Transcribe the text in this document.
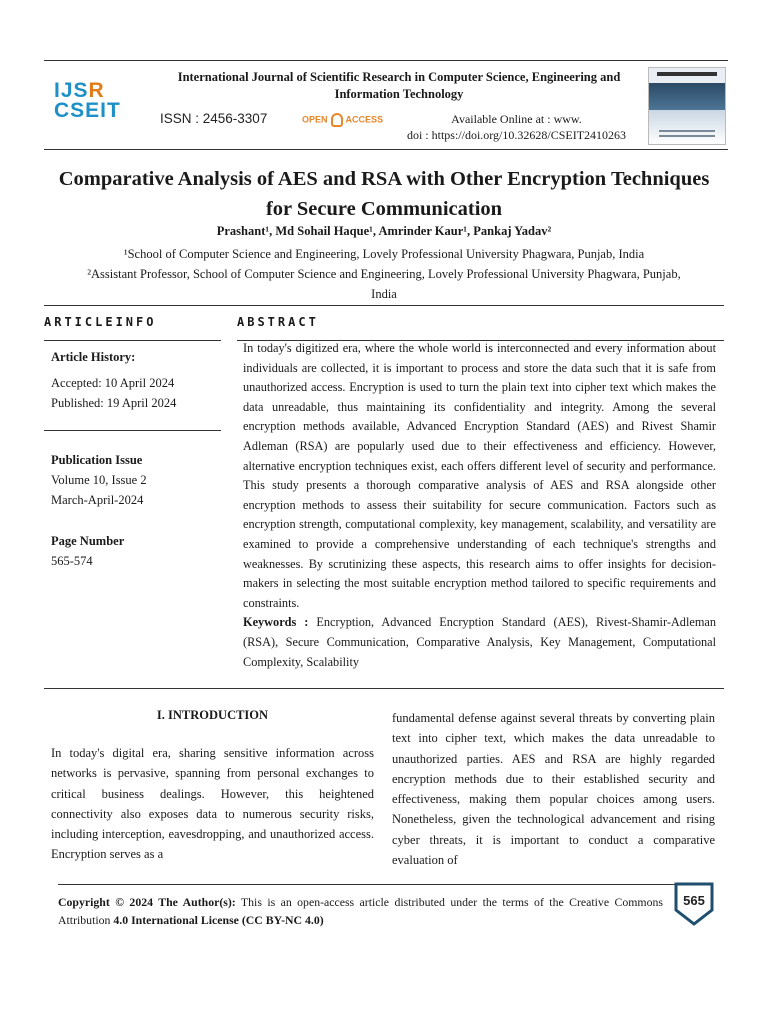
IJSR
CSEIT
International Journal of Scientific Research in Computer Science, Engineering and Information Technology
ISSN : 2456-3307	OPEN ACCESS	Available Online at : www.
doi : https://doi.org/10.32628/CSEIT2410263
Comparative Analysis of AES and RSA with Other Encryption Techniques for Secure Communication
Prashant¹, Md Sohail Haque¹, Amrinder Kaur¹, Pankaj Yadav²
¹School of Computer Science and Engineering, Lovely Professional University Phagwara, Punjab, India
²Assistant Professor, School of Computer Science and Engineering, Lovely Professional University Phagwara, Punjab,
India
ARTICLEINFO	ABSTRACT
Article History:
Accepted: 10 April 2024
Published: 19 April 2024
Publication Issue
Volume 10, Issue 2
March-April-2024
Page Number
565-574

In today's digitized era, where the whole world is interconnected and every information about individuals are collected, it is important to process and store the data such that it is safe from unauthorized access. Encryption is used to turn the plain text into cipher text which makes the data unreadable, thus maintaining its confidentiality and integrity. Among the several encryption methods available, Advanced Encryption Standard (AES) and Rivest Shamir Adleman (RSA) are popularly used due to their effectiveness and efficiency. However, alternative encryption techniques exist, each offers different level of security and performance. This study presents a thorough comparative analysis of AES and RSA alongside other encryption methods to assess their suitability for secure communication. Factors such as encryption strength, computational complexity, key management, scalability, and versatility are examined to provide a comprehensive understanding of each technique's strengths and weaknesses. By scrutinizing these aspects, this research aims to offer insights for decision-makers in selecting the most suitable encryption method tailored to specific requirements and constraints.

Keywords : Encryption, Advanced Encryption Standard (AES), Rivest-Shamir-Adleman (RSA), Secure Communication, Comparative Analysis, Key Management, Computational Complexity, Scalability

I. INTRODUCTION

In today's digital era, sharing sensitive information across networks is pervasive, spanning from personal exchanges to critical business dealings. However, this heightened connectivity also exposes data to numerous security risks, including interception, eavesdropping, and unauthorized access. Encryption serves as a

fundamental defense against several threats by converting plain text into cipher text, which makes the data unreadable to unauthorized parties. AES and RSA are highly regarded encryption methods due to their established security and effectiveness, making them popular choices among users. Nonetheless, given the technological advancement and rising cyber threats, it is important to conduct a comparative evaluation of

Copyright © 2024 The Author(s): This is an open-access article distributed under the terms of the Creative Commons Attribution 4.0 International License (CC BY-NC 4.0)
565
